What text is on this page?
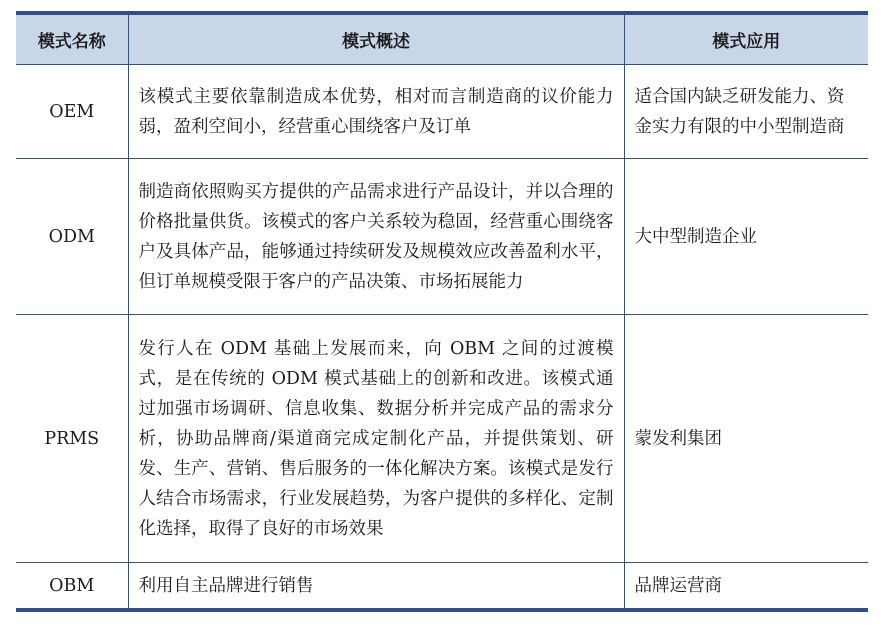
模式名称	模式概述	模式应用
OEM	该模式主要依靠制造成本优势，相对而言制造商的议价能力弱，盈利空间小，经营重心围绕客户及订单	适合国内缺乏研发能力、资金实力有限的中小型制造商
ODM	制造商依照购买方提供的产品需求进行产品设计，并以合理的价格批量供货。该模式的客户关系较为稳固，经营重心围绕客户及具体产品，能够通过持续研发及规模效应改善盈利水平，但订单规模受限于客户的产品决策、市场拓展能力	大中型制造企业
PRMS	发行人在 ODM 基础上发展而来，向 OBM 之间的过渡模式，是在传统的 ODM 模式基础上的创新和改进。该模式通过加强市场调研、信息收集、数据分析并完成产品的需求分析，协助品牌商/渠道商完成定制化产品，并提供策划、研发、生产、营销、售后服务的一体化解决方案。该模式是发行人结合市场需求，行业发展趋势，为客户提供的多样化、定制化选择，取得了良好的市场效果	蒙发利集团
OBM	利用自主品牌进行销售	品牌运营商
